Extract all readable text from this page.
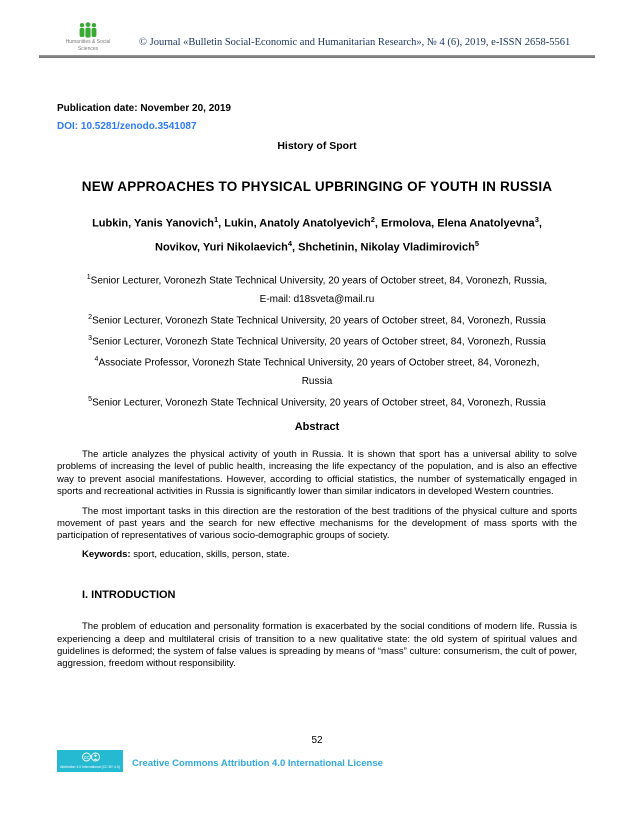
Humanities & Social
Sciences
© Journal «Bulletin Social-Economic and Humanitarian Research», № 4 (6), 2019, e-ISSN 2658-5561
Publication date: November 20, 2019
DOI: 10.5281/zenodo.3541087
History of Sport
NEW APPROACHES TO PHYSICAL UPBRINGING OF YOUTH IN RUSSIA
Lubkin, Yanis Yanovich$^1$, Lukin, Anatoly Anatolyevich$^2$, Ermolova, Elena Anatolyevna$^3$,
Novikov, Yuri Nikolaevich$^4$, Shchetinin, Nikolay Vladimirovich$^5$
$^1$Senior Lecturer, Voronezh State Technical University, 20 years of October street, 84, Voronezh, Russia, E-mail: d18sveta@mail.ru
$^2$Senior Lecturer, Voronezh State Technical University, 20 years of October street, 84, Voronezh, Russia
$^3$Senior Lecturer, Voronezh State Technical University, 20 years of October street, 84, Voronezh, Russia
$^4$Associate Professor, Voronezh State Technical University, 20 years of October street, 84, Voronezh, Russia
$^5$Senior Lecturer, Voronezh State Technical University, 20 years of October street, 84, Voronezh, Russia
Abstract

The article analyzes the physical activity of youth in Russia. It is shown that sport has a universal ability to solve problems of increasing the level of public health, increasing the life expectancy of the population, and is also an effective way to prevent asocial manifestations. However, according to official statistics, the number of systematically engaged in sports and recreational activities in Russia is significantly lower than similar indicators in developed Western countries.

The most important tasks in this direction are the restoration of the best traditions of the physical culture and sports movement of past years and the search for new effective mechanisms for the development of mass sports with the participation of representatives of various socio-demographic groups of society.

Keywords: sport, education, skills, person, state.
I. INTRODUCTION

The problem of education and personality formation is exacerbated by the social conditions of modern life. Russia is experiencing a deep and multilateral crisis of transition to a new qualitative state: the old system of spiritual values and guidelines is deformed; the system of false values is spreading by means of “mass” culture: consumerism, the cult of power, aggression, freedom without responsibility.

52
cc
Attribution 4.0 International (CC BY 4.0) Creative Commons Attribution 4.0 International License
